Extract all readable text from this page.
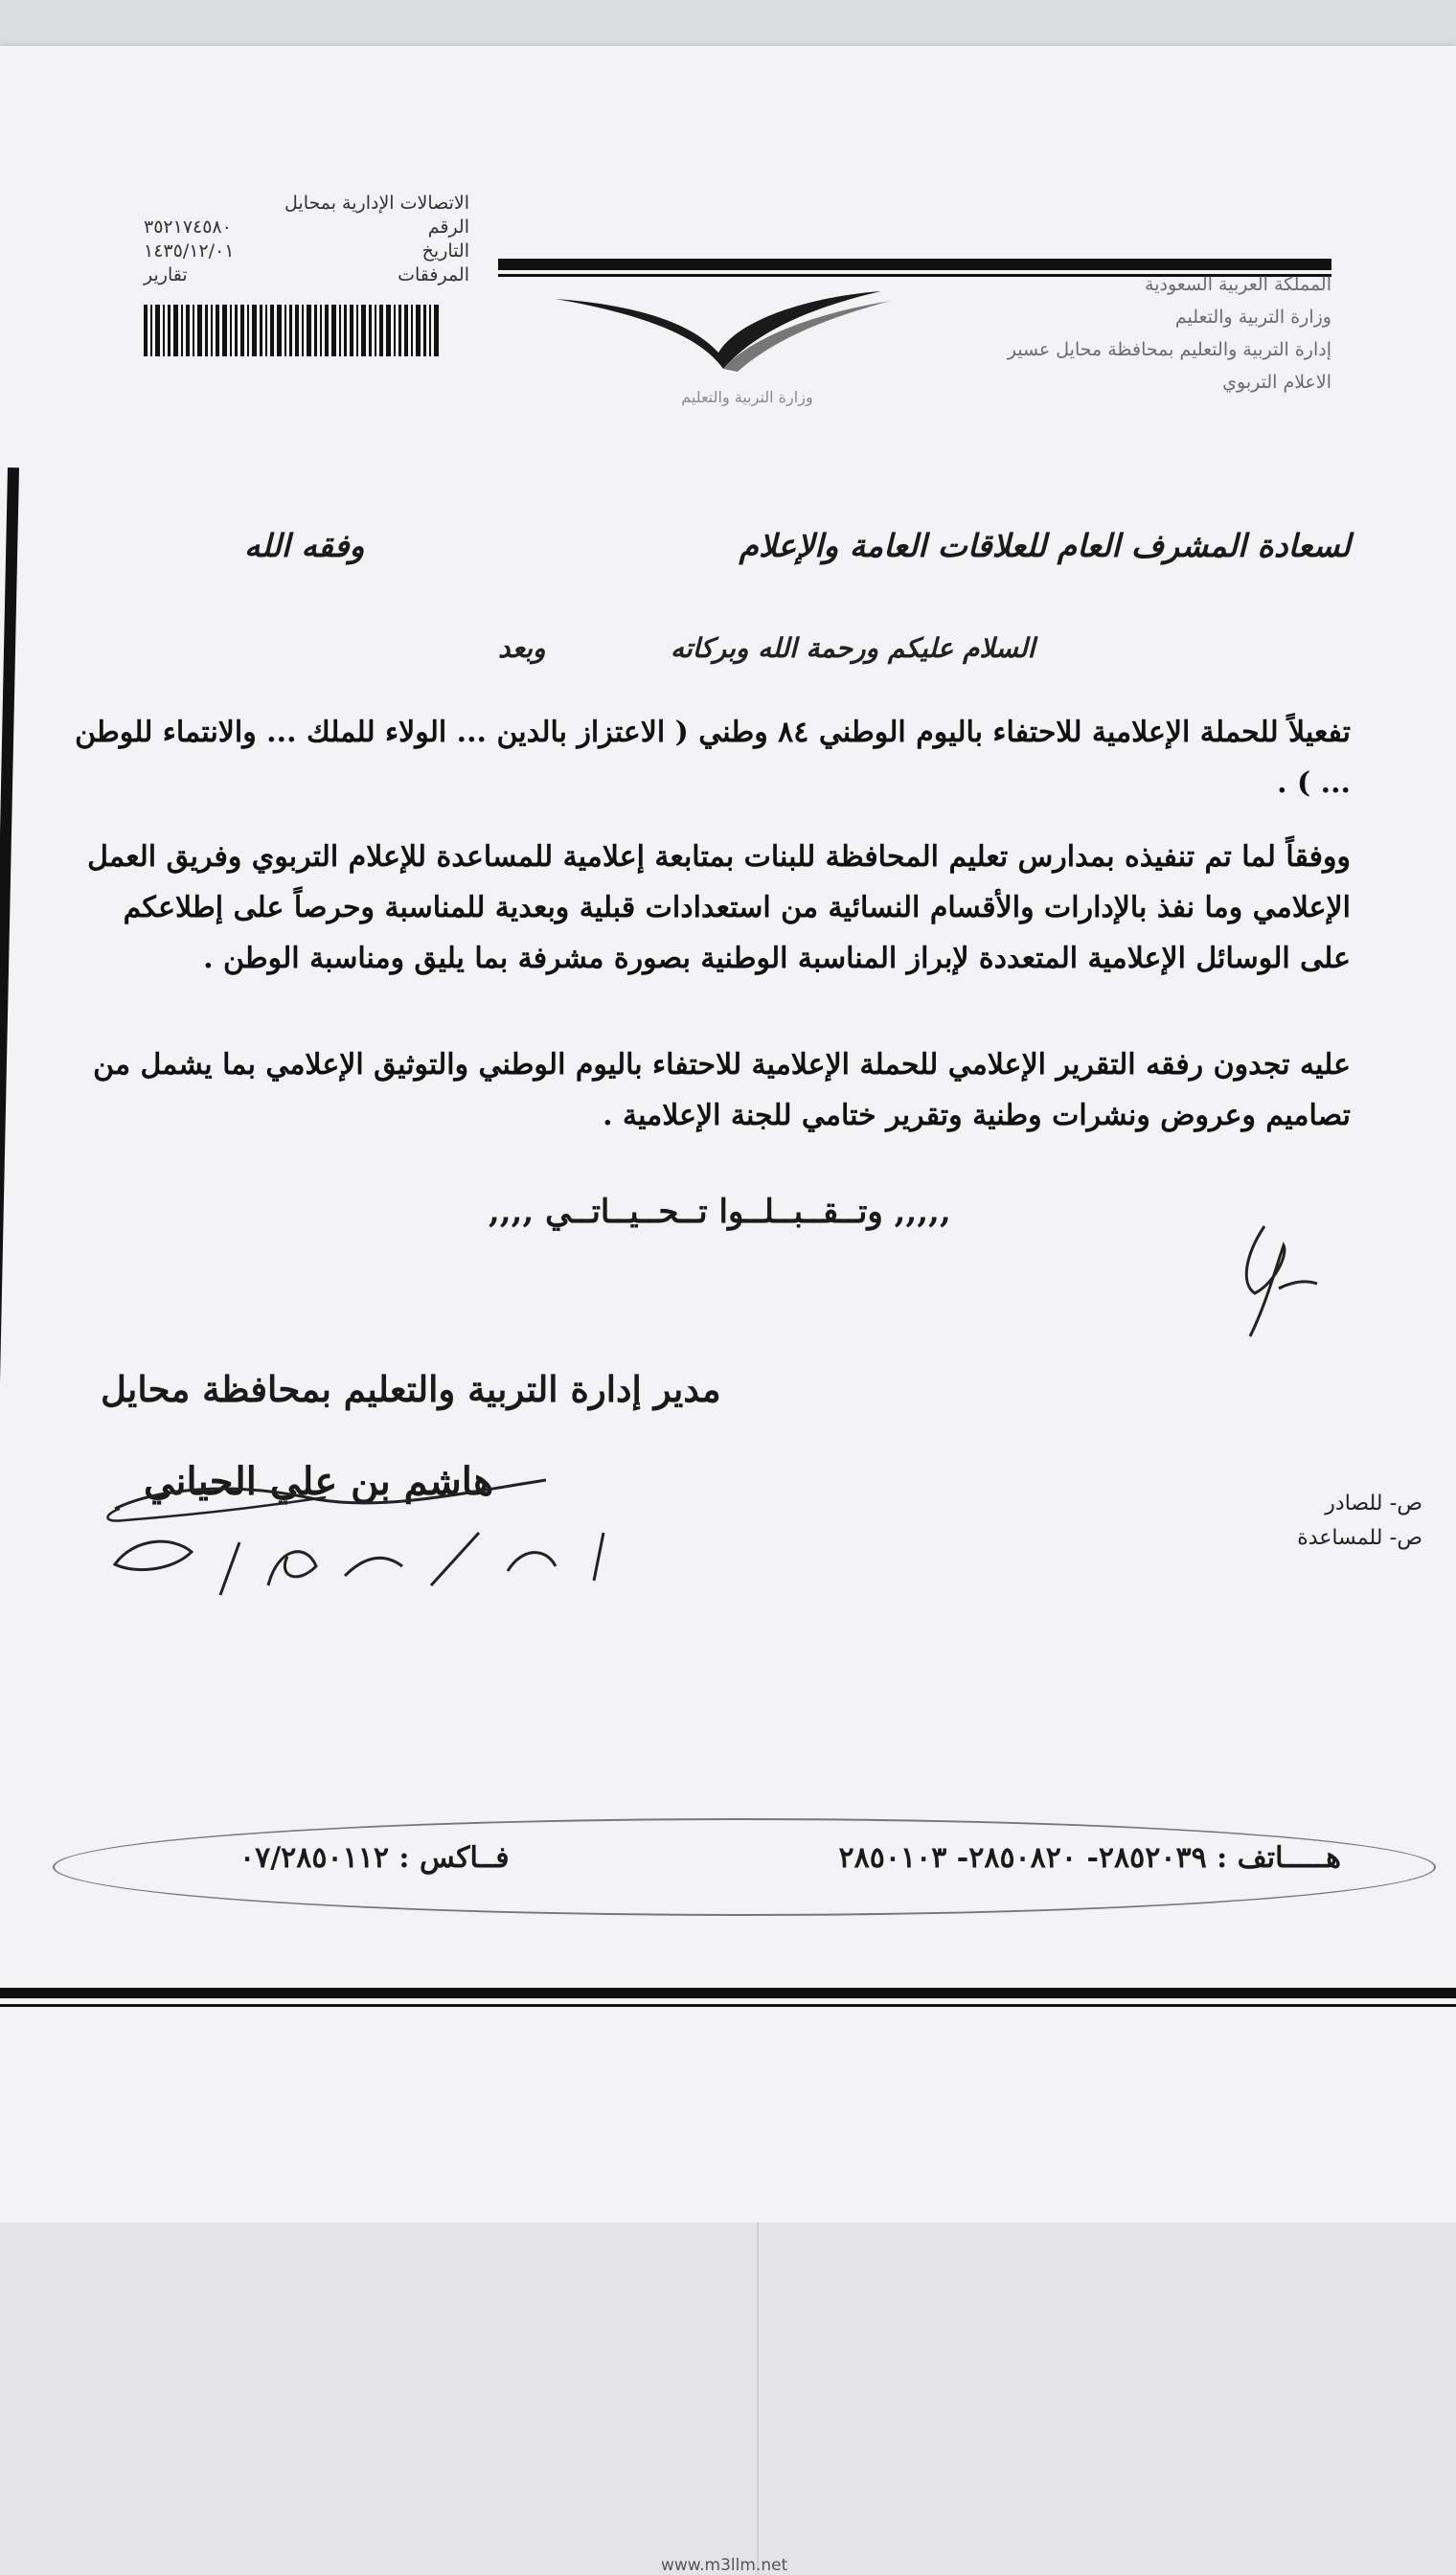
المملكة العربية السعودية
وزارة التربية والتعليم
إدارة التربية والتعليم بمحافظة محايل عسير
الاعلام التربوي
الاتصالات الإدارية بمحايل
الرقم
٣٥٢١٧٤٥٨٠
التاريخ
١٤٣٥/١٢/٠١
المرفقات
تقارير
وزارة التربية والتعليم
لسعادة المشرف العام للعلاقات العامة والإعلام
وفقه الله
السلام عليكم ورحمة الله وبركاته
وبعد
تفعيلاً للحملة الإعلامية للاحتفاء باليوم الوطني ٨٤ وطني ( الاعتزاز بالدين ... الولاء للملك ... والانتماء للوطن ... ) .
ووفقاً لما تم تنفيذه بمدارس تعليم المحافظة للبنات بمتابعة إعلامية للمساعدة للإعلام التربوي وفريق العمل الإعلامي وما نفذ بالإدارات والأقسام النسائية من استعدادات قبلية وبعدية للمناسبة وحرصاً على إطلاعكم على الوسائل الإعلامية المتعددة لإبراز المناسبة الوطنية بصورة مشرفة بما يليق ومناسبة الوطن .
عليه تجدون رفقه التقرير الإعلامي للحملة الإعلامية للاحتفاء باليوم الوطني والتوثيق الإعلامي بما يشمل من تصاميم وعروض ونشرات وطنية وتقرير ختامي للجنة الإعلامية .
,,,,, وتــقــبــلــوا تــحــيــاتــي ,,,,
مدير إدارة التربية والتعليم بمحافظة محايل
هاشم بن علي الحياني	ص- للصادر
ص- للمساعدة
هـــــاتف : ٢٨٥٢٠٣٩- ٢٨٥٠٨٢٠- ٢٨٥٠١٠٣
فــاكس : ٠٧/٢٨٥٠١١٢
www.m3llm.net
